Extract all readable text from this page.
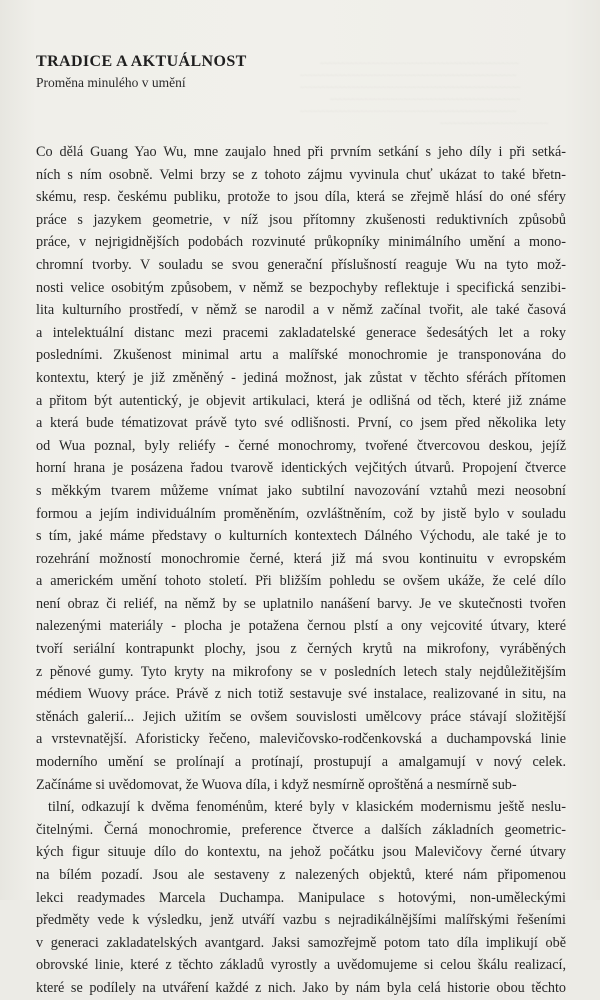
~~~~~~~~~~~~~~~~~~~~~~~~~~~~~~~~~~~~~~~~~~~~~~
~~~~~~~~~~~~~~~~~~~~~~~~~~~~~~~~~~~~~~~~~~~~~~~~~~
~~~~~~~~~~~~~~~~~~~~~~~~~~~~~~~~~~~~~~~~~~~~~~~~~~~
~~~~~~~~~~~~~~~~~~~~~~~~~~~~~~~~~~~~~~~~~~~~
~~~~~~~~~~~~~~~~~~~~~~~~~~~~~~~~~~~~~~~~~~~~~~~~~~
~~~~~~~~~~~~~~~~~~~~~~~~~
TRADICE A AKTUÁLNOST
Proměna minulého v umění
Co dělá Guang Yao Wu, mne zaujalo hned při prvním setkání s jeho díly i při setká-
ních s ním osobně. Velmi brzy se z tohoto zájmu vyvinula chuť ukázat to také břetn-
skému, resp. českému publiku, protože to jsou díla, která se zřejmě hlásí do oné sféry
práce s jazykem geometrie, v níž jsou přítomny zkušenosti reduktivních způsobů
práce, v nejrigidnějších podobách rozvinuté průkopníky minimálního umění a mono-
chromní tvorby. V souladu se svou generační příslušností reaguje Wu na tyto mož-
nosti velice osobitým způsobem, v němž se bezpochyby reflektuje i specifická senzibi-
lita kulturního prostředí, v němž se narodil a v němž začínal tvořit, ale také časová
a intelektuální distanc mezi pracemi zakladatelské generace šedesátých let a roky
posledními. Zkušenost minimal artu a malířské monochromie je transponována do
kontextu, který je již změněný - jediná možnost, jak zůstat v těchto sférách přítomen
a přitom být autentický, je objevit artikulaci, která je odlišná od těch, které již známe
a která bude tématizovat právě tyto své odlišnosti. První, co jsem před několika lety
od Wua poznal, byly reliéfy - černé monochromy, tvořené čtvercovou deskou, jejíž
horní hrana je posázena řadou tvarově identických vejčitých útvarů. Propojení čtverce
s měkkým tvarem můžeme vnímat jako subtilní navozování vztahů mezi neosobní
formou a jejím individuálním proměněním, ozvláštněním, což by jistě bylo v souladu
s tím, jaké máme představy o kulturních kontextech Dálného Východu, ale také je to
rozehrání možností monochromie černé, která již má svou kontinuitu v evropském
a americkém umění tohoto století. Při bližším pohledu se ovšem ukáže, že celé dílo
není obraz či reliéf, na němž by se uplatnilo nanášení barvy. Je ve skutečnosti tvořen
nalezenými materiály - plocha je potažena černou plstí a ony vejcovité útvary, které
tvoří seriální kontrapunkt plochy, jsou z černých krytů na mikrofony, vyráběných
z pěnové gumy. Tyto kryty na mikrofony se v posledních letech staly nejdůležitějším
médiem Wuovy práce. Právě z nich totiž sestavuje své instalace, realizované in situ, na
stěnách galerií... Jejich užitím se ovšem souvislosti umělcovy práce stávají složitější
a vrstevnatější. Aforisticky řečeno, malevičovsko-rodčenkovská a duchampovská linie
moderního umění se prolínají a protínají, prostupují a amalgamují v nový celek.
Začínáme si uvědomovat, že Wuova díla, i když nesmírně oproštěná a nesmírně sub-
tilní, odkazují k dvěma fenoménům, které byly v klasickém modernismu ještě neslu-
čitelnými. Černá monochromie, preference čtverce a dalších základních geometric-
kých figur situuje dílo do kontextu, na jehož počátku jsou Malevičovy černé útvary
na bílém pozadí. Jsou ale sestaveny z nalezených objektů, které nám připomenou
lekci readymades Marcela Duchampa. Manipulace s hotovými, non-uměleckými
předměty vede k výsledku, jenž utváří vazbu s nejradikálnějšími malířskými řešeními
v generaci zakladatelských avantgard. Jaksi samozřejmě potom tato díla implikují obě
obrovské linie, které z těchto základů vyrostly a uvědomujeme si celou škálu realizací,
které se podílely na utváření každé z nich. Jako by nám byla celá historie obou těchto
